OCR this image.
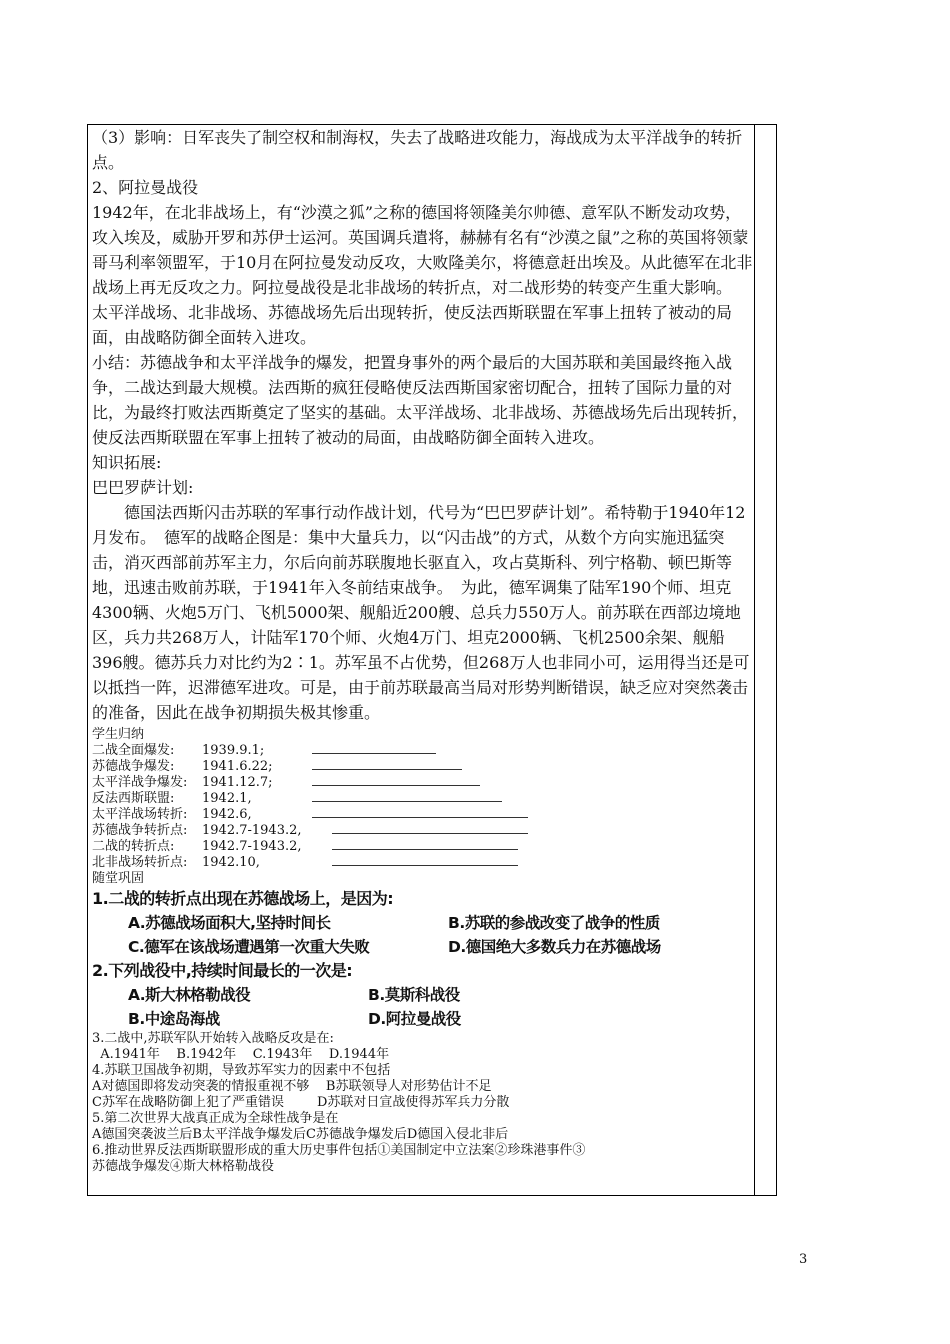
（3）影响：日军丧失了制空权和制海权，失去了战略进攻能力，海战成为太平洋战争的转折点。

2、阿拉曼战役

1942年，在北非战场上，有“沙漠之狐”之称的德国将领隆美尔帅德、意军队不断发动攻势，攻入埃及，威胁开罗和苏伊士运河。英国调兵遣将，赫赫有名有“沙漠之鼠”之称的英国将领蒙哥马利率领盟军，于10月在阿拉曼发动反攻，大败隆美尔，将德意赶出埃及。从此德军在北非战场上再无反攻之力。阿拉曼战役是北非战场的转折点，对二战形势的转变产生重大影响。

太平洋战场、北非战场、苏德战场先后出现转折，使反法西斯联盟在军事上扭转了被动的局面，由战略防御全面转入进攻。

小结：苏德战争和太平洋战争的爆发，把置身事外的两个最后的大国苏联和美国最终拖入战争，二战达到最大规模。法西斯的疯狂侵略使反法西斯国家密切配合，扭转了国际力量的对比，为最终打败法西斯奠定了坚实的基础。太平洋战场、北非战场、苏德战场先后出现转折，使反法西斯联盟在军事上扭转了被动的局面，由战略防御全面转入进攻。

知识拓展:

巴巴罗萨计划:

德国法西斯闪击苏联的军事行动作战计划，代号为“巴巴罗萨计划”。希特勒于1940年12月发布。　德军的战略企图是：集中大量兵力，以“闪击战”的方式，从数个方向实施迅猛突击，消灭西部前苏军主力，尔后向前苏联腹地长驱直入，攻占莫斯科、列宁格勒、顿巴斯等地，迅速击败前苏联，于1941年入冬前结束战争。　为此，德军调集了陆军190个师、坦克4300辆、火炮5万门、飞机5000架、舰船近200艘、总兵力550万人。前苏联在西部边境地区，兵力共268万人，计陆军170个师、火炮4万门、坦克2000辆、飞机2500余架、舰船396艘。德苏兵力对比约为2∶1。苏军虽不占优势，但268万人也非同小可，运用得当还是可以抵挡一阵，迟滞德军进攻。可是，由于前苏联最高当局对形势判断错误，缺乏应对突然袭击的准备，因此在战争初期损失极其惨重。

学生归纳

二战全面爆发: 1939.9.1;
苏德战争爆发: 1941.6.22;
太平洋战争爆发: 1941.12.7;
反法西斯联盟: 1942.1,
太平洋战场转折: 1942.6,
苏德战争转折点: 1942.7-1943.2,
二战的转折点: 1942.7-1943.2,
北非战场转折点: 1942.10,

随堂巩固

1.二战的转折点出现在苏德战场上，是因为:

A.苏德战场面积大,坚持时间长	B.苏联的参战改变了战争的性质
C.德军在该战场遭遇第一次重大失败	D.德国绝大多数兵力在苏德战场

2.下列战役中,持续时间最长的一次是:

A.斯大林格勒战役	B.莫斯科战役
B.中途岛海战	D.阿拉曼战役

3.二战中,苏联军队开始转入战略反攻是在:

A.1941年    B.1942年    C.1943年    D.1944年

4.苏联卫国战争初期，导致苏军实力的因素中不包括

A对德国即将发动突袭的情报重视不够    B苏联领导人对形势估计不足

C苏军在战略防御上犯了严重错误        D苏联对日宣战使得苏军兵力分散

5.第二次世界大战真正成为全球性战争是在

A德国突袭波兰后B太平洋战争爆发后C苏德战争爆发后D德国入侵北非后

6.推动世界反法西斯联盟形成的重大历史事件包括①美国制定中立法案②珍珠港事件③

苏德战争爆发④斯大林格勒战役

3
